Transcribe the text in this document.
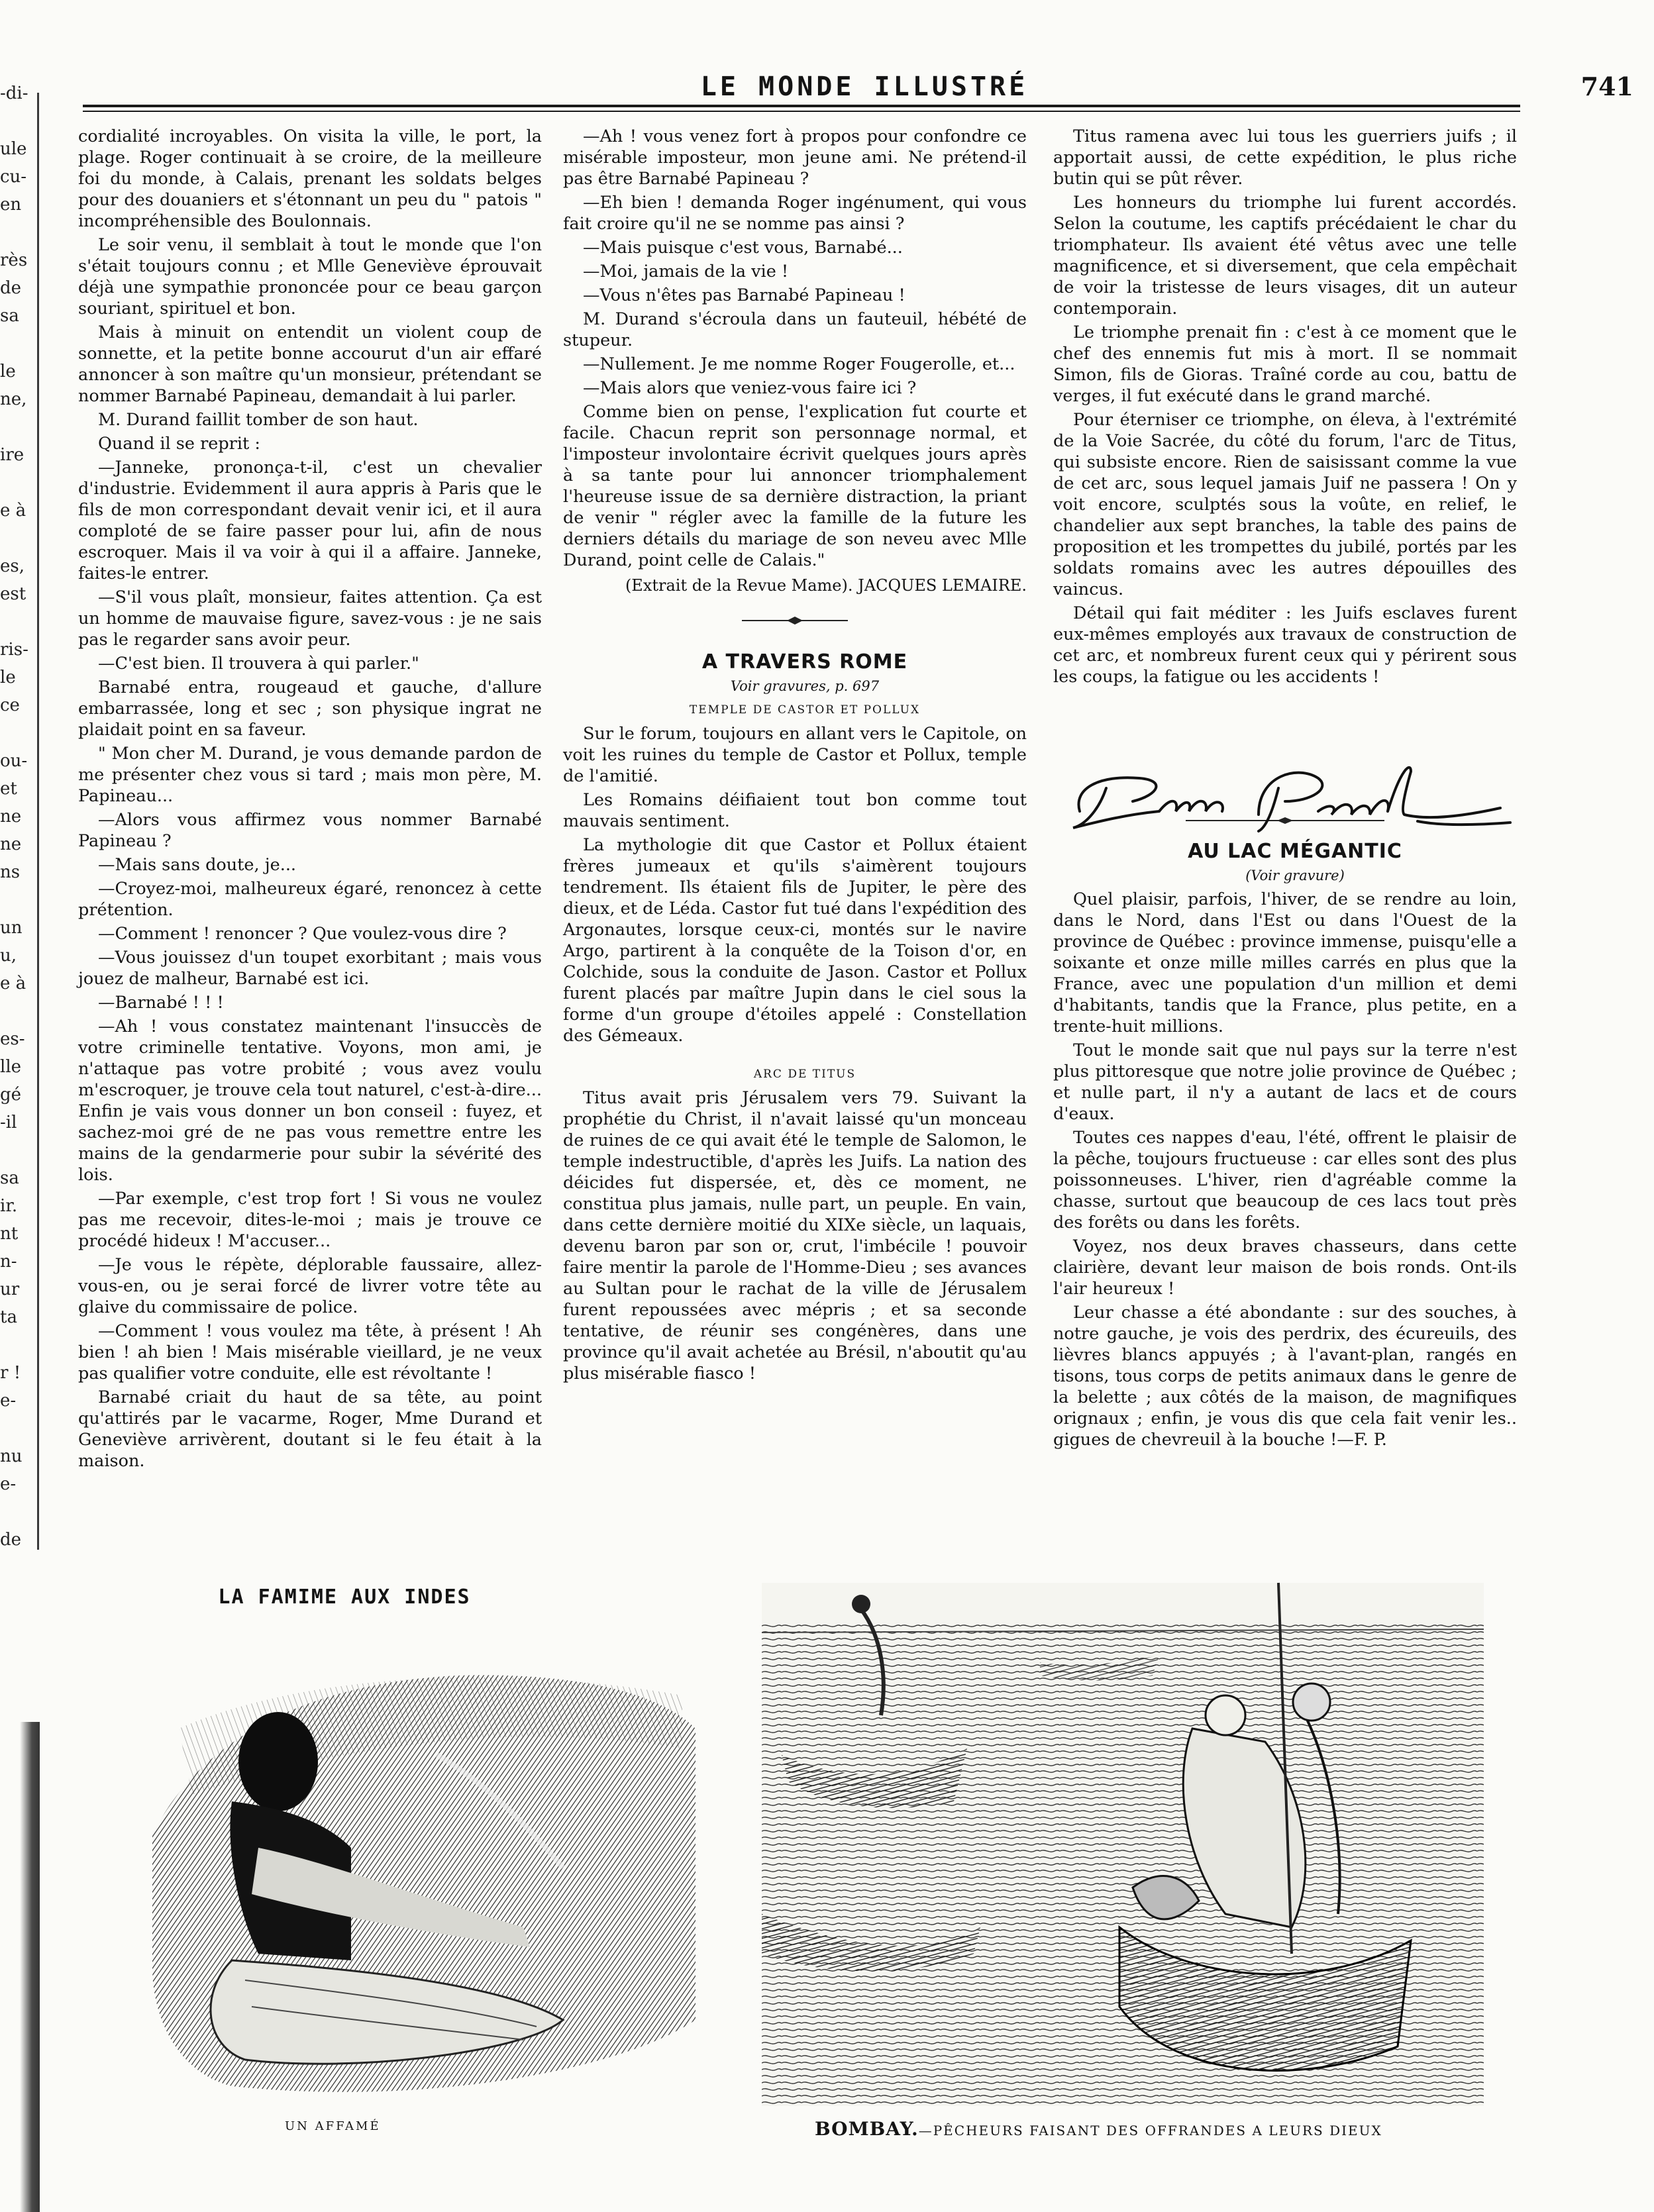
-di-
ule
cu-
en
rès
de
sa
le
ne,
ire
e à
es,
est
ris-
le
ce
ou-
et
ne
ne
ns
un
u,
e à
es-
lle
gé
-il
sa
ir.
nt
n-
ur
ta
r !
e-
nu
e-
de
LE MONDE ILLUSTRÉ	741

cordialité incroyables. On visita la ville, le port, la plage. Roger continuait à se croire, de la meilleure foi du monde, à Calais, prenant les soldats belges pour des douaniers et s'étonnant un peu du " patois " incompréhensible des Boulonnais.

Le soir venu, il semblait à tout le monde que l'on s'était toujours connu ; et Mlle Geneviève éprouvait déjà une sympathie prononcée pour ce beau garçon souriant, spirituel et bon.

Mais à minuit on entendit un violent coup de sonnette, et la petite bonne accourut d'un air effaré annoncer à son maître qu'un monsieur, prétendant se nommer Barnabé Papineau, demandait à lui parler.

M. Durand faillit tomber de son haut.

Quand il se reprit :

—Janneke, prononça-t-il, c'est un chevalier d'industrie. Evidemment il aura appris à Paris que le fils de mon correspondant devait venir ici, et il aura comploté de se faire passer pour lui, afin de nous escroquer. Mais il va voir à qui il a affaire. Janneke, faites-le entrer.

—S'il vous plaît, monsieur, faites attention. Ça est un homme de mauvaise figure, savez-vous : je ne sais pas le regarder sans avoir peur.

—C'est bien. Il trouvera à qui parler."

Barnabé entra, rougeaud et gauche, d'allure embarrassée, long et sec ; son physique ingrat ne plaidait point en sa faveur.

" Mon cher M. Durand, je vous demande pardon de me présenter chez vous si tard ; mais mon père, M. Papineau...

—Alors vous affirmez vous nommer Barnabé Papineau ?

—Mais sans doute, je...

—Croyez-moi, malheureux égaré, renoncez à cette prétention.

—Comment ! renoncer ? Que voulez-vous dire ?

—Vous jouissez d'un toupet exorbitant ; mais vous jouez de malheur, Barnabé est ici.

—Barnabé ! ! !

—Ah ! vous constatez maintenant l'insuccès de votre criminelle tentative. Voyons, mon ami, je n'attaque pas votre probité ; vous avez voulu m'escroquer, je trouve cela tout naturel, c'est-à-dire... Enfin je vais vous donner un bon conseil : fuyez, et sachez-moi gré de ne pas vous remettre entre les mains de la gendarmerie pour subir la sévérité des lois.

—Par exemple, c'est trop fort ! Si vous ne voulez pas me recevoir, dites-le-moi ; mais je trouve ce procédé hideux ! M'accuser...

—Je vous le répète, déplorable faussaire, allez-vous-en, ou je serai forcé de livrer votre tête au glaive du commissaire de police.

—Comment ! vous voulez ma tête, à présent ! Ah bien ! ah bien ! Mais misérable vieillard, je ne veux pas qualifier votre conduite, elle est révoltante !

Barnabé criait du haut de sa tête, au point qu'attirés par le vacarme, Roger, Mme Durand et Geneviève arrivèrent, doutant si le feu était à la maison.

—Ah ! vous venez fort à propos pour confondre ce misérable imposteur, mon jeune ami. Ne prétend-il pas être Barnabé Papineau ?

—Eh bien ! demanda Roger ingénument, qui vous fait croire qu'il ne se nomme pas ainsi ?

—Mais puisque c'est vous, Barnabé...

—Moi, jamais de la vie !

—Vous n'êtes pas Barnabé Papineau !

M. Durand s'écroula dans un fauteuil, hébété de stupeur.

—Nullement. Je me nomme Roger Fougerolle, et...

—Mais alors que veniez-vous faire ici ?

Comme bien on pense, l'explication fut courte et facile. Chacun reprit son personnage normal, et l'imposteur involontaire écrivit quelques jours après à sa tante pour lui annoncer triomphalement l'heureuse issue de sa dernière distraction, la priant de venir " régler avec la famille de la future les derniers détails du mariage de son neveu avec Mlle Durand, point celle de Calais."

(Extrait de la Revue Mame). JACQUES LEMAIRE.

A TRAVERS ROME

Voir gravures, p. 697

TEMPLE DE CASTOR ET POLLUX

Sur le forum, toujours en allant vers le Capitole, on voit les ruines du temple de Castor et Pollux, temple de l'amitié.

Les Romains déifiaient tout bon comme tout mauvais sentiment.

La mythologie dit que Castor et Pollux étaient frères jumeaux et qu'ils s'aimèrent toujours tendrement. Ils étaient fils de Jupiter, le père des dieux, et de Léda. Castor fut tué dans l'expédition des Argonautes, lorsque ceux-ci, montés sur le navire Argo, partirent à la conquête de la Toison d'or, en Colchide, sous la conduite de Jason. Castor et Pollux furent placés par maître Jupin dans le ciel sous la forme d'un groupe d'étoiles appelé : Constellation des Gémeaux.

ARC DE TITUS

Titus avait pris Jérusalem vers 79. Suivant la prophétie du Christ, il n'avait laissé qu'un monceau de ruines de ce qui avait été le temple de Salomon, le temple indestructible, d'après les Juifs. La nation des déicides fut dispersée, et, dès ce moment, ne constitua plus jamais, nulle part, un peuple. En vain, dans cette dernière moitié du XIXe siècle, un laquais, devenu baron par son or, crut, l'imbécile ! pouvoir faire mentir la parole de l'Homme-Dieu ; ses avances au Sultan pour le rachat de la ville de Jérusalem furent repoussées avec mépris ; et sa seconde tentative, de réunir ses congénères, dans une province qu'il avait achetée au Brésil, n'aboutit qu'au plus misérable fiasco !

Titus ramena avec lui tous les guerriers juifs ; il apportait aussi, de cette expédition, le plus riche butin qui se pût rêver.

Les honneurs du triomphe lui furent accordés. Selon la coutume, les captifs précédaient le char du triomphateur. Ils avaient été vêtus avec une telle magnificence, et si diversement, que cela empêchait de voir la tristesse de leurs visages, dit un auteur contemporain.

Le triomphe prenait fin : c'est à ce moment que le chef des ennemis fut mis à mort. Il se nommait Simon, fils de Gioras. Traîné corde au cou, battu de verges, il fut exécuté dans le grand marché.

Pour éterniser ce triomphe, on éleva, à l'extrémité de la Voie Sacrée, du côté du forum, l'arc de Titus, qui subsiste encore. Rien de saisissant comme la vue de cet arc, sous lequel jamais Juif ne passera ! On y voit encore, sculptés sous la voûte, en relief, le chandelier aux sept branches, la table des pains de proposition et les trompettes du jubilé, portés par les soldats romains avec les autres dépouilles des vaincus.

Détail qui fait méditer : les Juifs esclaves furent eux-mêmes employés aux travaux de construction de cet arc, et nombreux furent ceux qui y périrent sous les coups, la fatigue ou les accidents !

AU LAC MÉGANTIC

(Voir gravure)

Quel plaisir, parfois, l'hiver, de se rendre au loin, dans le Nord, dans l'Est ou dans l'Ouest de la province de Québec : province immense, puisqu'elle a soixante et onze mille milles carrés en plus que la France, avec une population d'un million et demi d'habitants, tandis que la France, plus petite, en a trente-huit millions.

Tout le monde sait que nul pays sur la terre n'est plus pittoresque que notre jolie province de Québec ; et nulle part, il n'y a autant de lacs et de cours d'eaux.

Toutes ces nappes d'eau, l'été, offrent le plaisir de la pêche, toujours fructueuse : car elles sont des plus poissonneuses. L'hiver, rien d'agréable comme la chasse, surtout que beaucoup de ces lacs tout près des forêts ou dans les forêts.

Voyez, nos deux braves chasseurs, dans cette clairière, devant leur maison de bois ronds. Ont-ils l'air heureux !

Leur chasse a été abondante : sur des souches, à notre gauche, je vois des perdrix, des écureuils, des lièvres blancs appuyés ; à l'avant-plan, rangés en tisons, tous corps de petits animaux dans le genre de la belette ; aux côtés de la maison, de magnifiques orignaux ; enfin, je vous dis que cela fait venir les.. gigues de chevreuil à la bouche !—F. P.

LA FAMIME AUX INDES
UN AFFAMÉ	BOMBAY.—PÊCHEURS FAISANT DES OFFRANDES A LEURS DIEUX
